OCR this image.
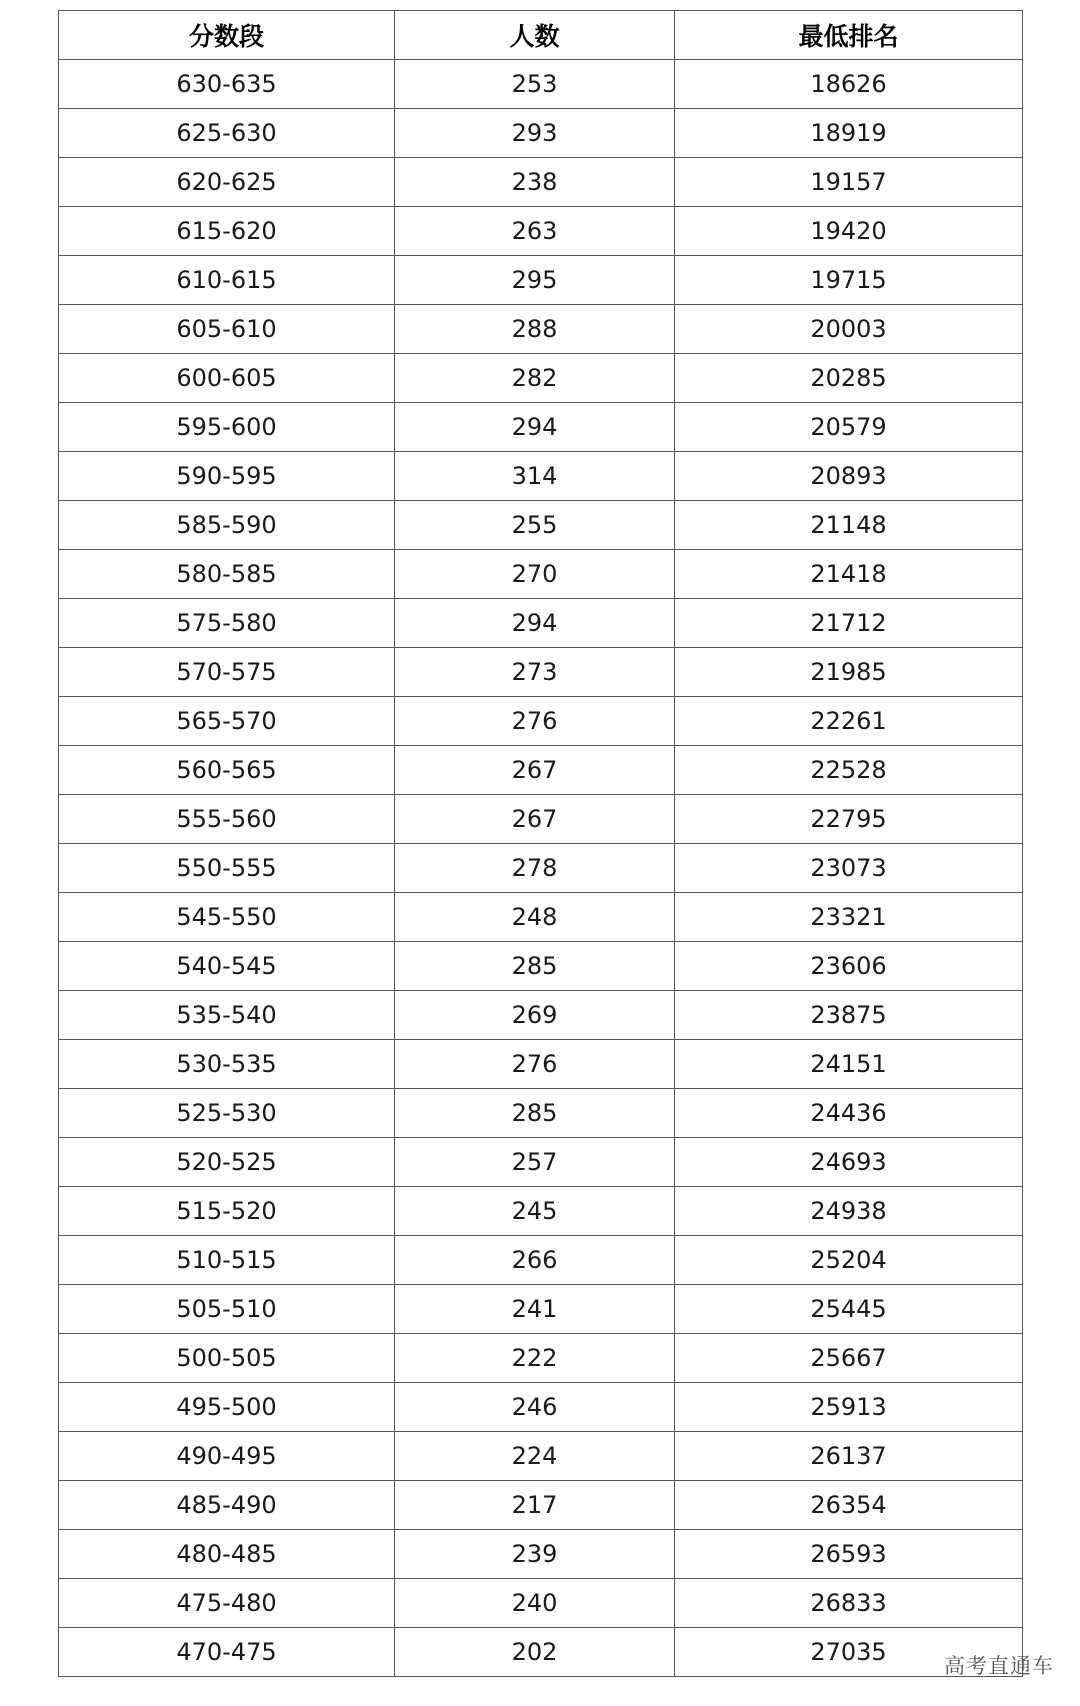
分数段	人数	最低排名
630-635	253	18626
625-630	293	18919
620-625	238	19157
615-620	263	19420
610-615	295	19715
605-610	288	20003
600-605	282	20285
595-600	294	20579
590-595	314	20893
585-590	255	21148
580-585	270	21418
575-580	294	21712
570-575	273	21985
565-570	276	22261
560-565	267	22528
555-560	267	22795
550-555	278	23073
545-550	248	23321
540-545	285	23606
535-540	269	23875
530-535	276	24151
525-530	285	24436
520-525	257	24693
515-520	245	24938
510-515	266	25204
505-510	241	25445
500-505	222	25667
495-500	246	25913
490-495	224	26137
485-490	217	26354
480-485	239	26593
475-480	240	26833
470-475	202	27035	高考直通车
